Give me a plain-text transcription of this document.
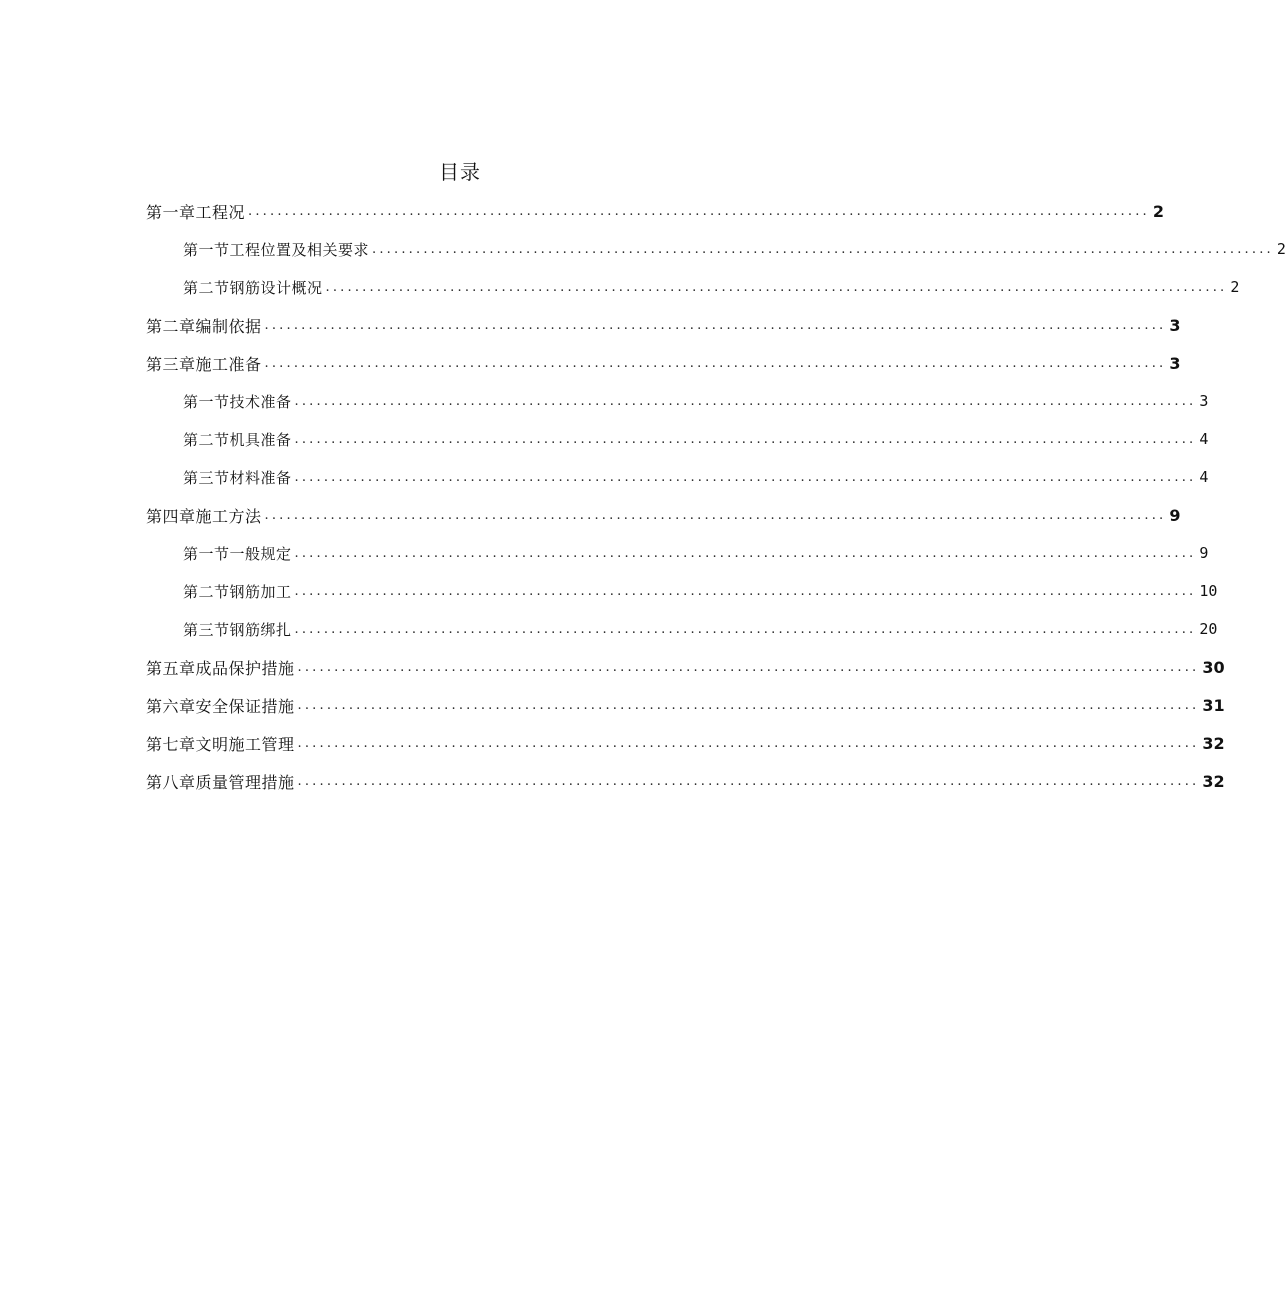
目录
第一章工程况 ........................................................................................................................... 2
第一节工程位置及相关要求 ........................................................................................................................... 2
第二节钢筋设计概况 ........................................................................................................................... 2
第二章编制依据 ........................................................................................................................... 3
第三章施工准备 ........................................................................................................................... 3
第一节技术准备 ........................................................................................................................... 3
第二节机具准备 ........................................................................................................................... 4
第三节材料准备 ........................................................................................................................... 4
第四章施工方法 ........................................................................................................................... 9
第一节一般规定 ........................................................................................................................... 9
第二节钢筋加工 ........................................................................................................................... 10
第三节钢筋绑扎 ........................................................................................................................... 20
第五章成品保护措施 ........................................................................................................................... 30
第六章安全保证措施 ........................................................................................................................... 31
第七章文明施工管理 ........................................................................................................................... 32
第八章质量管理措施 ........................................................................................................................... 32
